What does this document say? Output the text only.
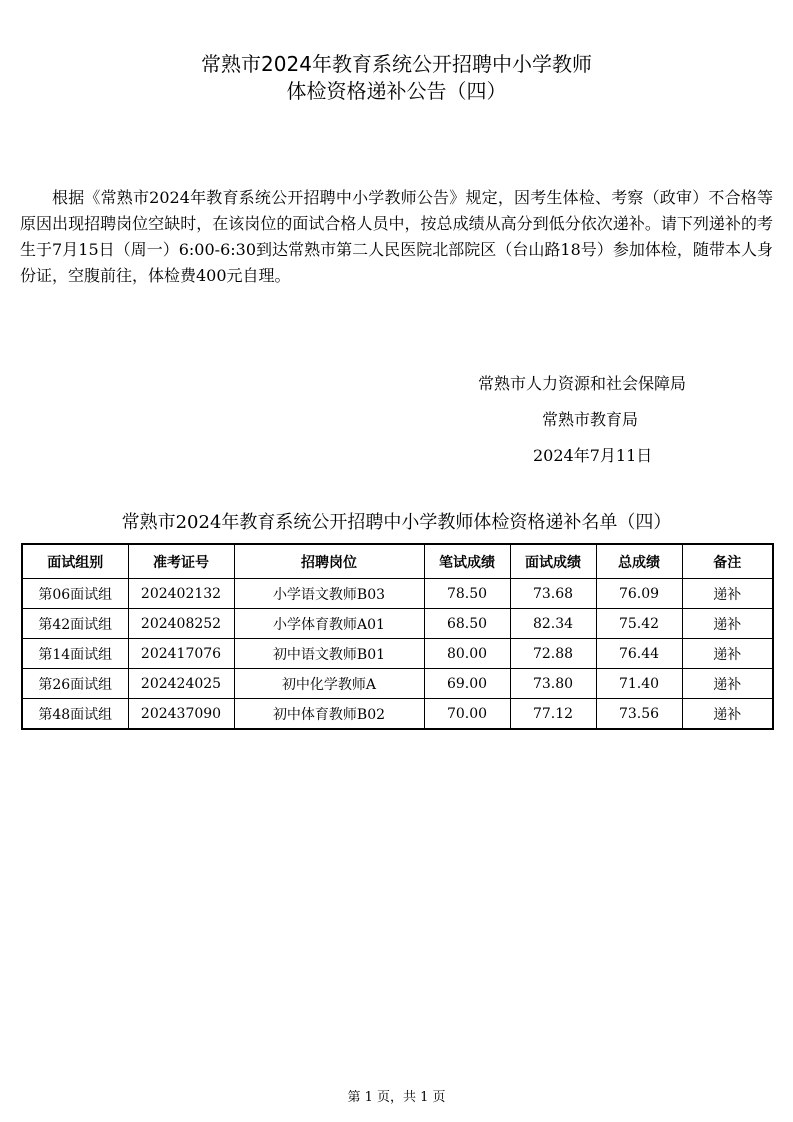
常熟市2024年教育系统公开招聘中小学教师
体检资格递补公告（四）
根据《常熟市2024年教育系统公开招聘中小学教师公告》规定，因考生体检、考察（政审）不合格等原因出现招聘岗位空缺时，在该岗位的面试合格人员中，按总成绩从高分到低分依次递补。请下列递补的考生于7月15日（周一）6:00-6:30到达常熟市第二人民医院北部院区（台山路18号）参加体检，随带本人身份证，空腹前往，体检费400元自理。
常熟市人力资源和社会保障局
常熟市教育局
2024年7月11日
常熟市2024年教育系统公开招聘中小学教师体检资格递补名单（四）
面试组别	准考证号	招聘岗位	笔试成绩	面试成绩	总成绩	备注
第06面试组	202402132	小学语文教师B03	78.50	73.68	76.09	递补
第42面试组	202408252	小学体育教师A01	68.50	82.34	75.42	递补
第14面试组	202417076	初中语文教师B01	80.00	72.88	76.44	递补
第26面试组	202424025	初中化学教师A	69.00	73.80	71.40	递补
第48面试组	202437090	初中体育教师B02	70.00	77.12	73.56	递补
第 1 页，共 1 页
